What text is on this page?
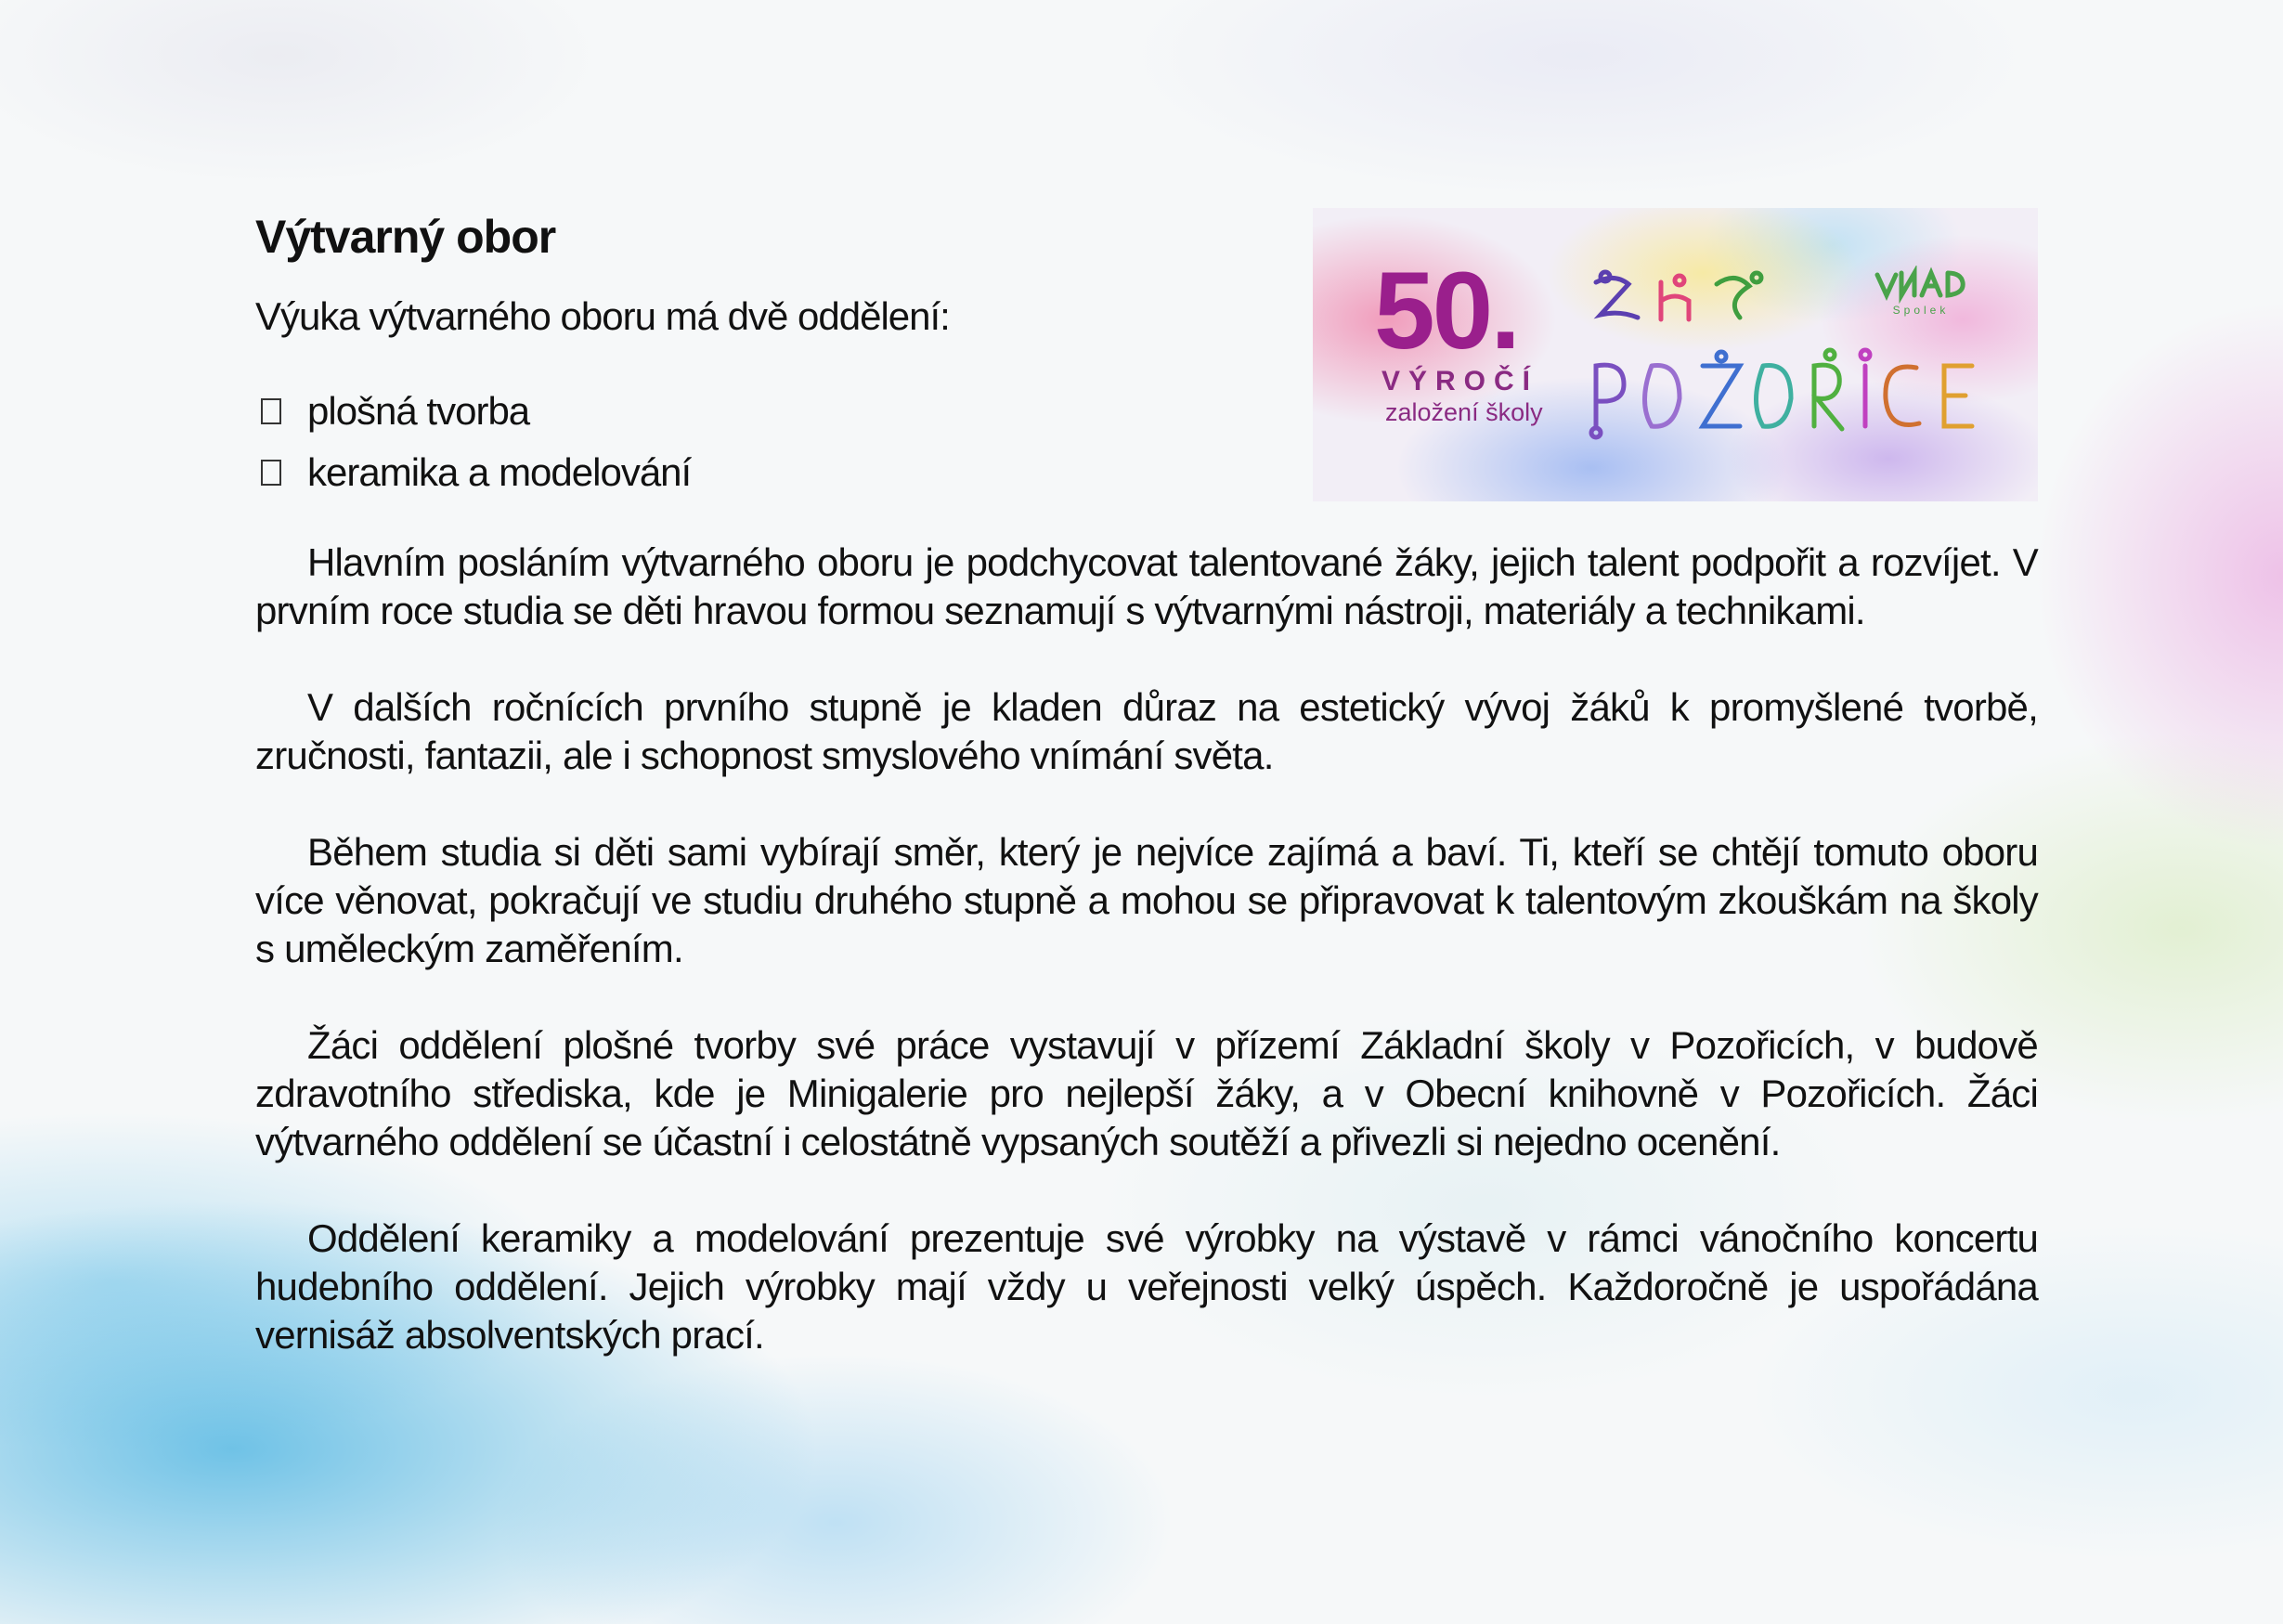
Výtvarný obor

Výuka výtvarného oboru má dvě oddělení:

plošná tvorba
keramika a modelování

Hlavním posláním výtvarného oboru je podchycovat talentované žáky, jejich talent podpořit a rozvíjet. V prvním roce studia se děti hravou formou seznamují s výtvarnými nástroji, materiály a technikami.

V dalších ročnících prvního stupně je kladen důraz na estetický vývoj žáků k promyšlené tvorbě, zručnosti, fantazii, ale i schopnost smyslového vnímání světa.

Během studia si děti sami vybírají směr, který je nejvíce zajímá a baví. Ti, kteří se chtějí tomuto oboru více věnovat, pokračují ve studiu druhého stupně a mohou se připravovat k talentovým zkouškám na školy s uměleckým zaměřením.

Žáci oddělení plošné tvorby své práce vystavují v přízemí Základní školy v Pozořicích, v budově zdravotního střediska, kde je Minigalerie pro nejlepší žáky, a v Obecní knihovně v Pozořicích. Žáci výtvarného oddělení se účastní i celostátně vypsaných soutěží a přivezli si nejedno ocenění.

Oddělení keramiky a modelování prezentuje své výrobky na výstavě v rámci vánočního koncertu hudebního oddělení. Jejich výrobky mají vždy u veřejnosti velký úspěch. Každoročně je uspořádána vernisáž absolventských prací.

50.
VÝROČÍ
založení školy
Spolek
